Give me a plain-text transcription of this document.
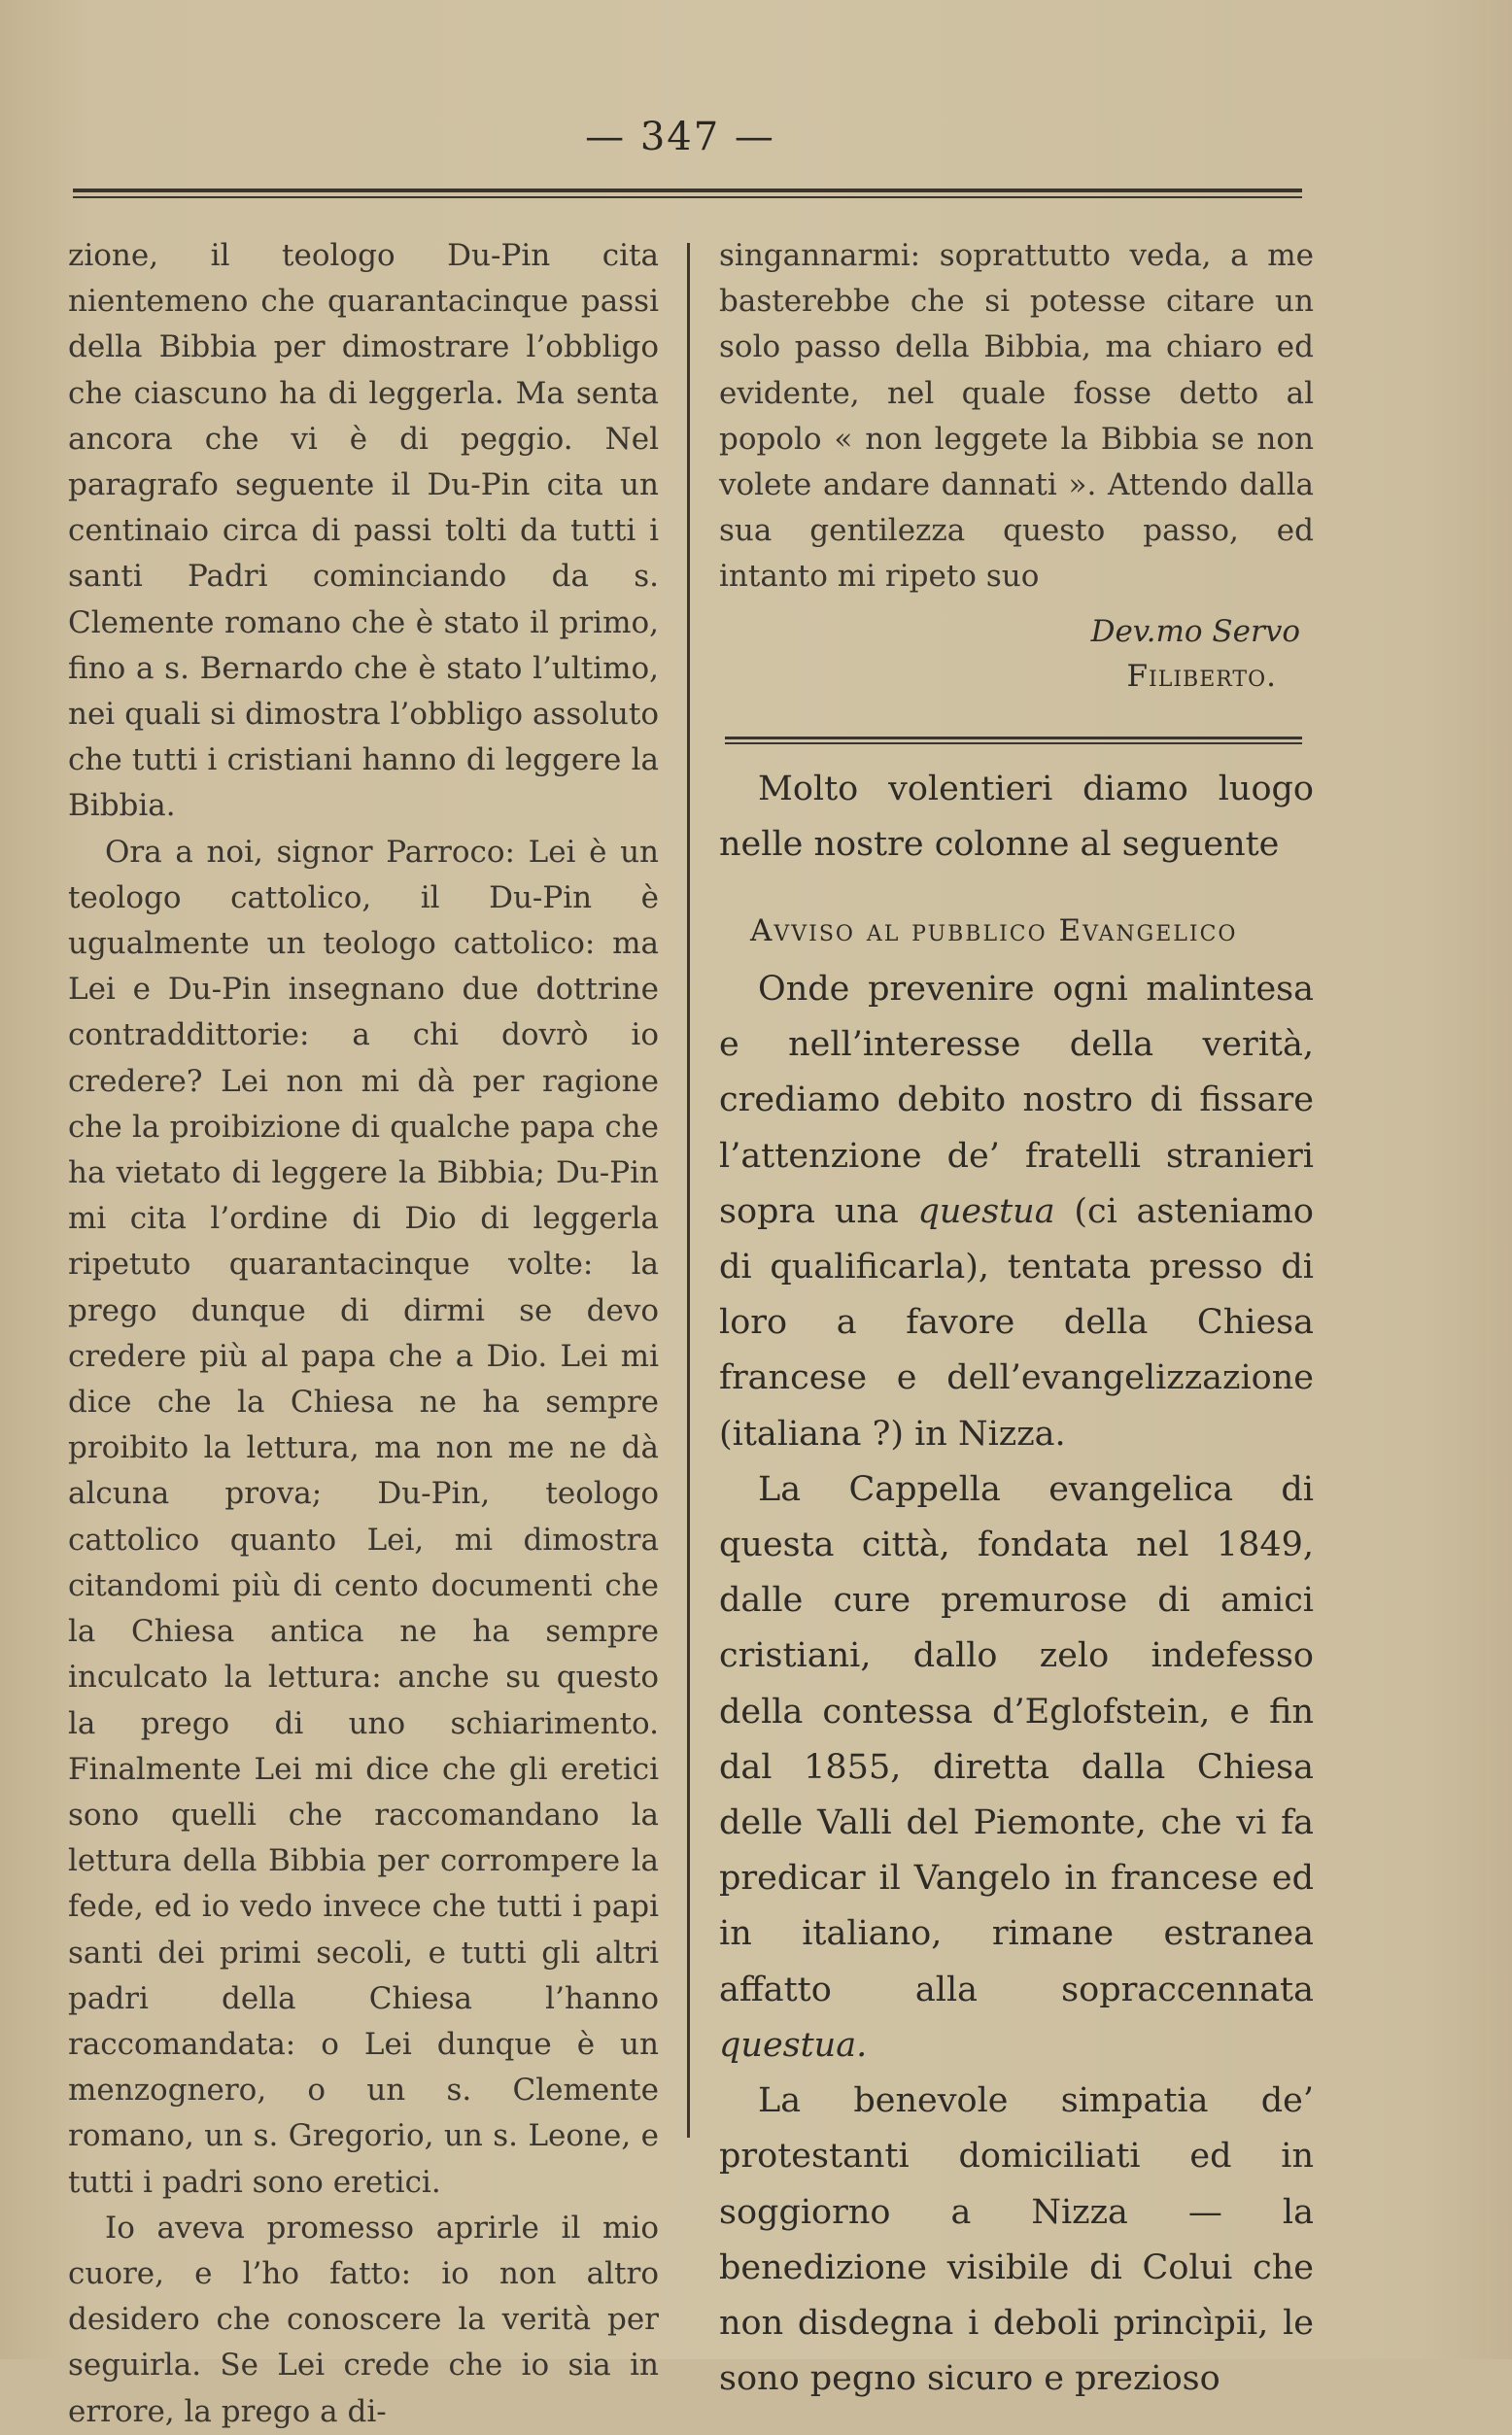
— 347 —

zione, il teologo Du-Pin cita nientemeno che quarantacinque passi della Bibbia per dimostrare l’obbligo che ciascuno ha di leggerla. Ma senta ancora che vi è di peggio. Nel paragrafo seguente il Du-Pin cita un centinaio circa di passi tolti da tutti i santi Padri cominciando da s. Clemente romano che è stato il primo, fino a s. Bernardo che è stato l’ultimo, nei quali si dimostra l’obbligo assoluto che tutti i cristiani hanno di leggere la Bibbia.

Ora a noi, signor Parroco: Lei è un teologo cattolico, il Du-Pin è ugualmente un teologo cattolico: ma Lei e Du-Pin insegnano due dottrine contraddittorie: a chi dovrò io credere? Lei non mi dà per ragione che la proibizione di qualche papa che ha vietato di leggere la Bibbia; Du-Pin mi cita l’ordine di Dio di leggerla ripetuto quarantacinque volte: la prego dunque di dirmi se devo credere più al papa che a Dio. Lei mi dice che la Chiesa ne ha sempre proibito la lettura, ma non me ne dà alcuna prova; Du-Pin, teologo cattolico quanto Lei, mi dimostra citandomi più di cento documenti che la Chiesa antica ne ha sempre inculcato la lettura: anche su questo la prego di uno schiarimento. Finalmente Lei mi dice che gli eretici sono quelli che raccomandano la lettura della Bibbia per corrompere la fede, ed io vedo invece che tutti i papi santi dei primi secoli, e tutti gli altri padri della Chiesa l’hanno raccomandata: o Lei dunque è un menzognero, o un s. Clemente romano, un s. Gregorio, un s. Leone, e tutti i padri sono eretici.

Io aveva promesso aprirle il mio cuore, e l’ho fatto: io non altro desidero che conoscere la verità per seguirla. Se Lei crede che io sia in errore, la prego a di-

singannarmi: soprattutto veda, a me basterebbe che si potesse citare un solo passo della Bibbia, ma chiaro ed evidente, nel quale fosse detto al popolo « non leggete la Bibbia se non volete andare dannati ». Attendo dalla sua gentilezza questo passo, ed intanto mi ripeto suo

Dev.mo Servo
Filiberto.

Molto volentieri diamo luogo nelle nostre colonne al seguente

Avviso al pubblico Evangelico

Onde prevenire ogni malintesa e nell’interesse della verità, crediamo debito nostro di fissare l’attenzione de’ fratelli stranieri sopra una questua (ci asteniamo di qualificarla), tentata presso di loro a favore della Chiesa francese e dell’evangelizzazione (italiana ?) in Nizza.

La Cappella evangelica di questa città, fondata nel 1849, dalle cure premurose di amici cristiani, dallo zelo indefesso della contessa d’Eglofstein, e fin dal 1855, diretta dalla Chiesa delle Valli del Piemonte, che vi fa predicar il Vangelo in francese ed in italiano, rimane estranea affatto alla sopraccennata questua.

La benevole simpatia de’ protestanti domiciliati ed in soggiorno a Nizza — la benedizione visibile di Colui che non disdegna i deboli princìpii, le sono pegno sicuro e prezioso
